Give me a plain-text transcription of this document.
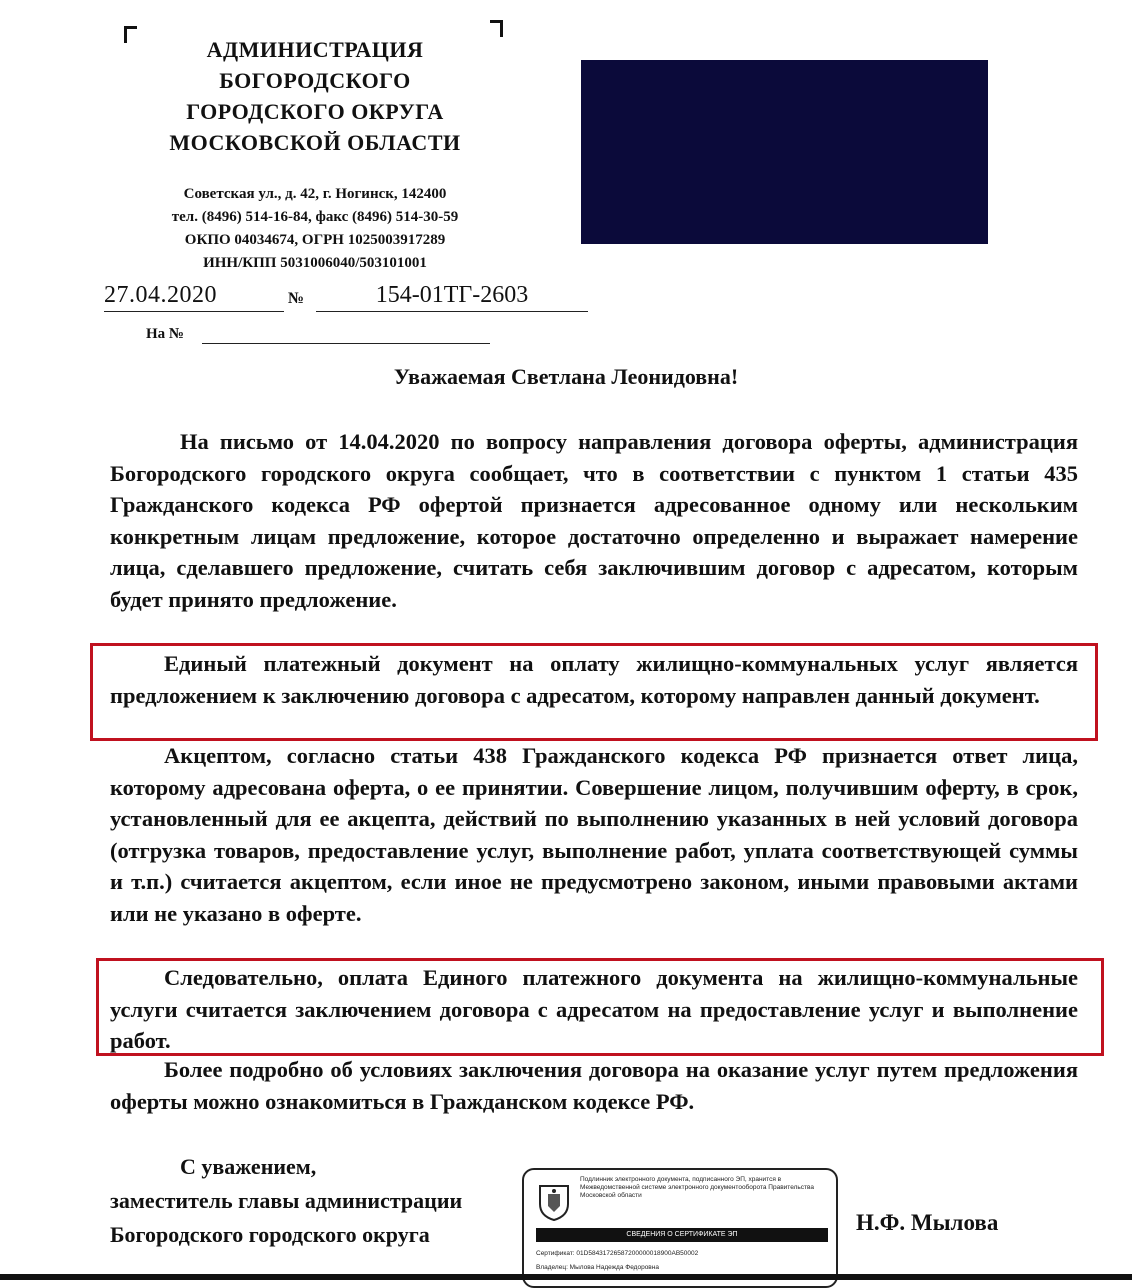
АДМИНИСТРАЦИЯ
БОГОРОДСКОГО
ГОРОДСКОГО ОКРУГА
МОСКОВСКОЙ ОБЛАСТИ
Советская ул., д. 42, г. Ногинск, 142400
тел. (8496) 514-16-84, факс (8496) 514-30-59
ОКПО 04034674, ОГРН 1025003917289
ИНН/КПП 5031006040/503101001
27.04.2020	№	154-01ТГ-2603
На №
Уважаемая Светлана Леонидовна!
На письмо от 14.04.2020 по вопросу направления договора оферты, администрация Богородского городского округа сообщает, что в соответствии с пунктом 1 статьи 435 Гражданского кодекса РФ офертой признается адресованное одному или нескольким конкретным лицам предложение, которое достаточно определенно и выражает намерение лица, сделавшего предложение, считать себя заключившим договор с адресатом, которым будет принято предложение.
Единый платежный документ на оплату жилищно-коммунальных услуг является предложением к заключению договора с адресатом, которому направлен данный документ.
Акцептом, согласно статьи 438 Гражданского кодекса РФ признается ответ лица, которому адресована оферта, о ее принятии. Совершение лицом, получившим оферту, в срок, установленный для ее акцепта, действий по выполнению указанных в ней условий договора (отгрузка товаров, предоставление услуг, выполнение работ, уплата соответствующей суммы и т.п.) считается акцептом, если иное не предусмотрено законом, иными правовыми актами или не указано в оферте.
Следовательно, оплата Единого платежного документа на жилищно-коммунальные услуги считается заключением договора с адресатом на предоставление услуг и выполнение работ.
Более подробно об условиях заключения договора на оказание услуг путем предложения оферты можно ознакомиться в Гражданском кодексе РФ.
С уважением,
заместитель главы администрации
Богородского городского округа
Подлинник электронного документа, подписанного ЭП, хранится в Межведомственной системе электронного документооборота Правительства Московской области
СВЕДЕНИЯ О СЕРТИФИКАТЕ ЭП
Сертификат: 01D58431726587200000018900AB50002
Владелец: Мылова Надежда Федоровна
Н.Ф. Мылова
